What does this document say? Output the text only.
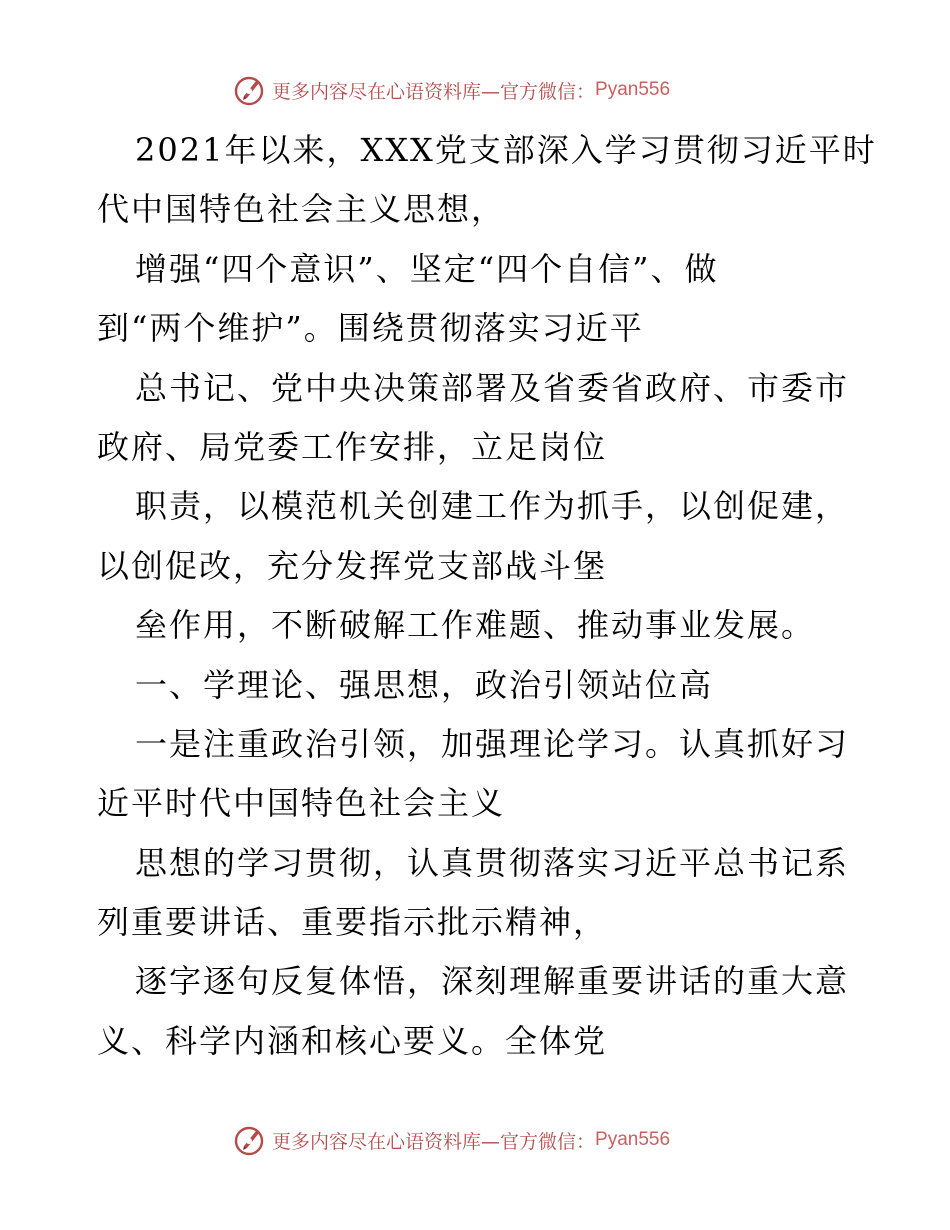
更多内容尽在心语资料库—官方微信： Pyan556
2021年以来，XXX党支部深入学习贯彻习近平时
代中国特色社会主义思想，
增强“四个意识”、坚定“四个自信”、做
到“两个维护”。围绕贯彻落实习近平
总书记、党中央决策部署及省委省政府、市委市
政府、局党委工作安排，立足岗位
职责，以模范机关创建工作为抓手，以创促建，
以创促改，充分发挥党支部战斗堡
垒作用，不断破解工作难题、推动事业发展。
一、学理论、强思想，政治引领站位高
一是注重政治引领，加强理论学习。认真抓好习
近平时代中国特色社会主义
思想的学习贯彻，认真贯彻落实习近平总书记系
列重要讲话、重要指示批示精神，
逐字逐句反复体悟，深刻理解重要讲话的重大意
义、科学内涵和核心要义。全体党
更多内容尽在心语资料库—官方微信： Pyan556
